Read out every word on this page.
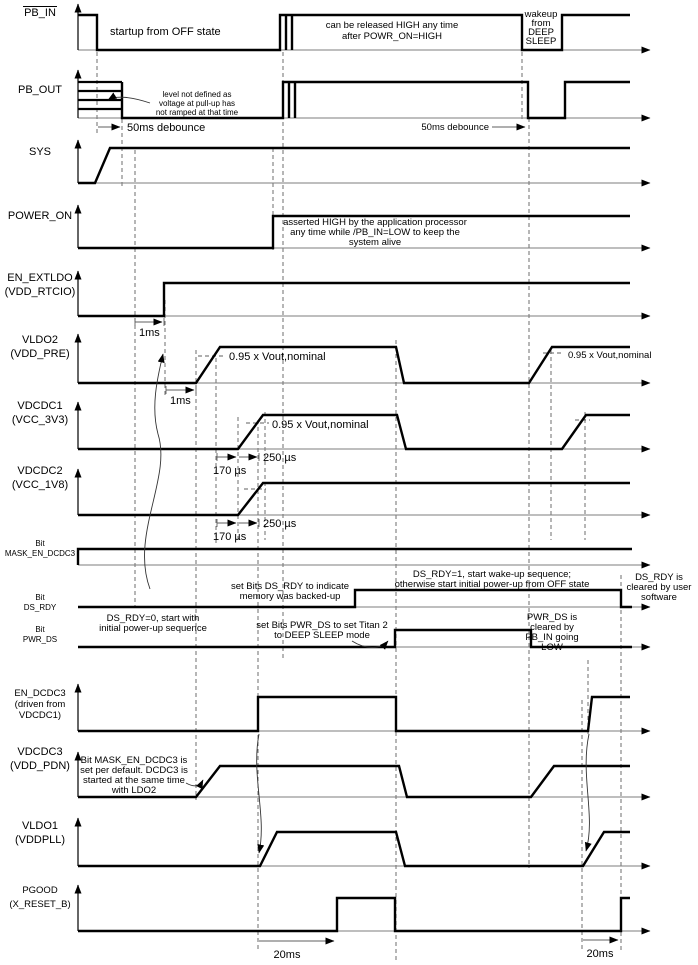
PB_IN
PB_OUT
SYS
POWER_ON
EN_EXTLDO
(VDD_RTCIO)
VLDO2
(VDD_PRE)
VDCDC1
(VCC_3V3)
VDCDC2
(VCC_1V8)
Bit
MASK_EN_DCDC3
Bit
DS_RDY
Bit
PWR_DS
EN_DCDC3
(driven from
VDCDC1)
VDCDC3
(VDD_PDN)
VLDO1
(VDDPLL)
PGOOD
(X_RESET_B)
startup from OFF state
can be released HIGH any time
after POWR_ON=HIGH
wakeup
from
DEEP
SLEEP
level not defined as
voltage at pull-up has
not ramped at that time
50ms debounce	50ms debounce
asserted HIGH by the application processor
any time while /PB_IN=LOW to keep the
system alive
1ms
0.95 x Vout,nominal
1ms
0.95 x Vout,nominal
0.95 x Vout,nominal
250 µs
170 µs
250 µs
170 µs
set Bits DS_RDY to indicate
memory was backed-up
DS_RDY=1, start wake-up sequence;
otherwise start initial power-up from OFF state
DS_RDY is
cleared by user
software
DS_RDY=0, start with
initial power-up sequence	set Bits PWR_DS to set Titan 2
to DEEP SLEEP mode
PWR_DS is
cleared by
PB_IN going
LOW
Bit MASK_EN_DCDC3 is
set per default. DCDC3 is
started at the same time
with LDO2
20ms	20ms
